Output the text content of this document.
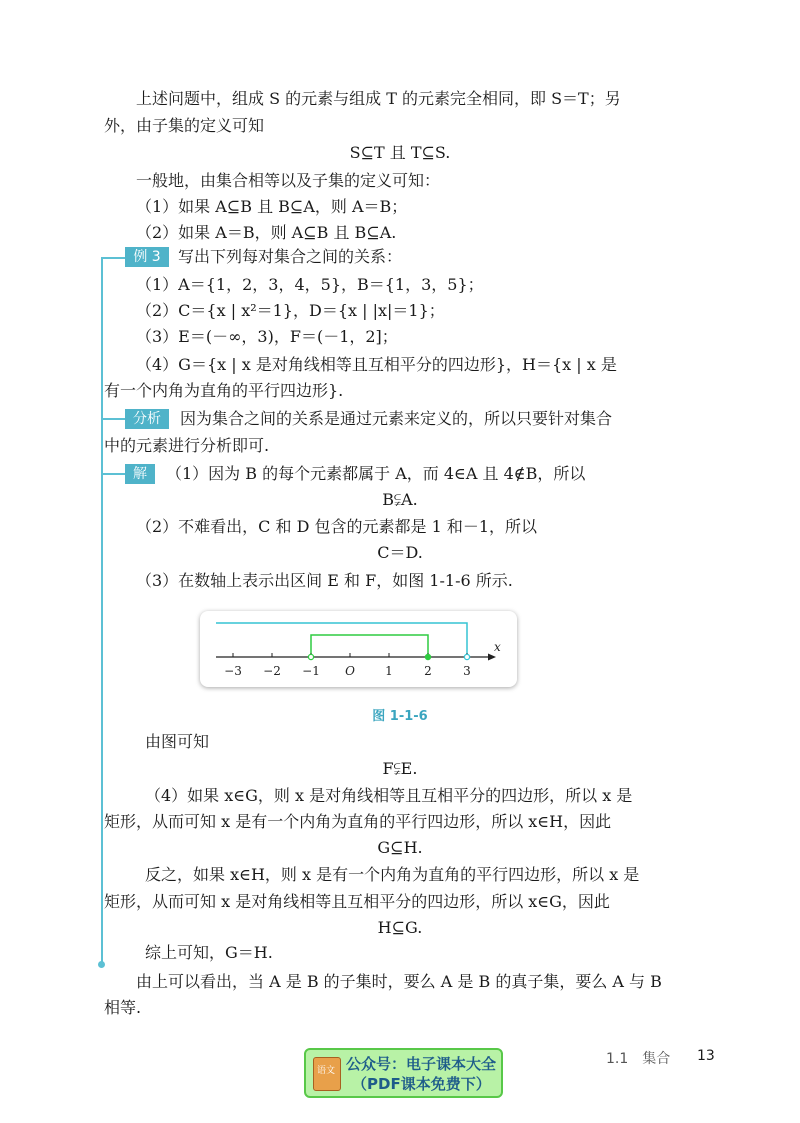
上述问题中，组成 S 的元素与组成 T 的元素完全相同，即 S＝T；另
外，由子集的定义可知
S⊆T 且 T⊆S.
一般地，由集合相等以及子集的定义可知：
（1）如果 A⊆B 且 B⊆A，则 A＝B；
（2）如果 A＝B，则 A⊆B 且 B⊆A.
例 3	写出下列每对集合之间的关系：
（1）A＝{1，2，3，4，5}，B＝{1，3，5}；
（2）C＝{x | x²＝1}，D＝{x | |x|＝1}；
（3）E＝(－∞，3)，F＝(－1，2]；
（4）G＝{x | x 是对角线相等且互相平分的四边形}，H＝{x | x 是
有一个内角为直角的平行四边形}.
分析	因为集合之间的关系是通过元素来定义的，所以只要针对集合
中的元素进行分析即可.
解	（1）因为 B 的每个元素都属于 A，而 4∈A 且 4∉B，所以
B⫋A.
（2）不难看出，C 和 D 包含的元素都是 1 和－1，所以
C＝D.
（3）在数轴上表示出区间 E 和 F，如图 1-1-6 所示.
−3 −2 −1 O	1	2	3
x
图 1-1-6
由图可知
F⫋E.
（4）如果 x∈G，则 x 是对角线相等且互相平分的四边形，所以 x 是
矩形，从而可知 x 是有一个内角为直角的平行四边形，所以 x∈H，因此
G⊆H.
反之，如果 x∈H，则 x 是有一个内角为直角的平行四边形，所以 x 是
矩形，从而可知 x 是对角线相等且互相平分的四边形，所以 x∈G，因此
H⊆G.
综上可知，G＝H.
由上可以看出，当 A 是 B 的子集时，要么 A 是 B 的真子集，要么 A 与 B
相等.
1.1　集合 13
语文 公众号：电子课本大全
（PDF课本免费下）
